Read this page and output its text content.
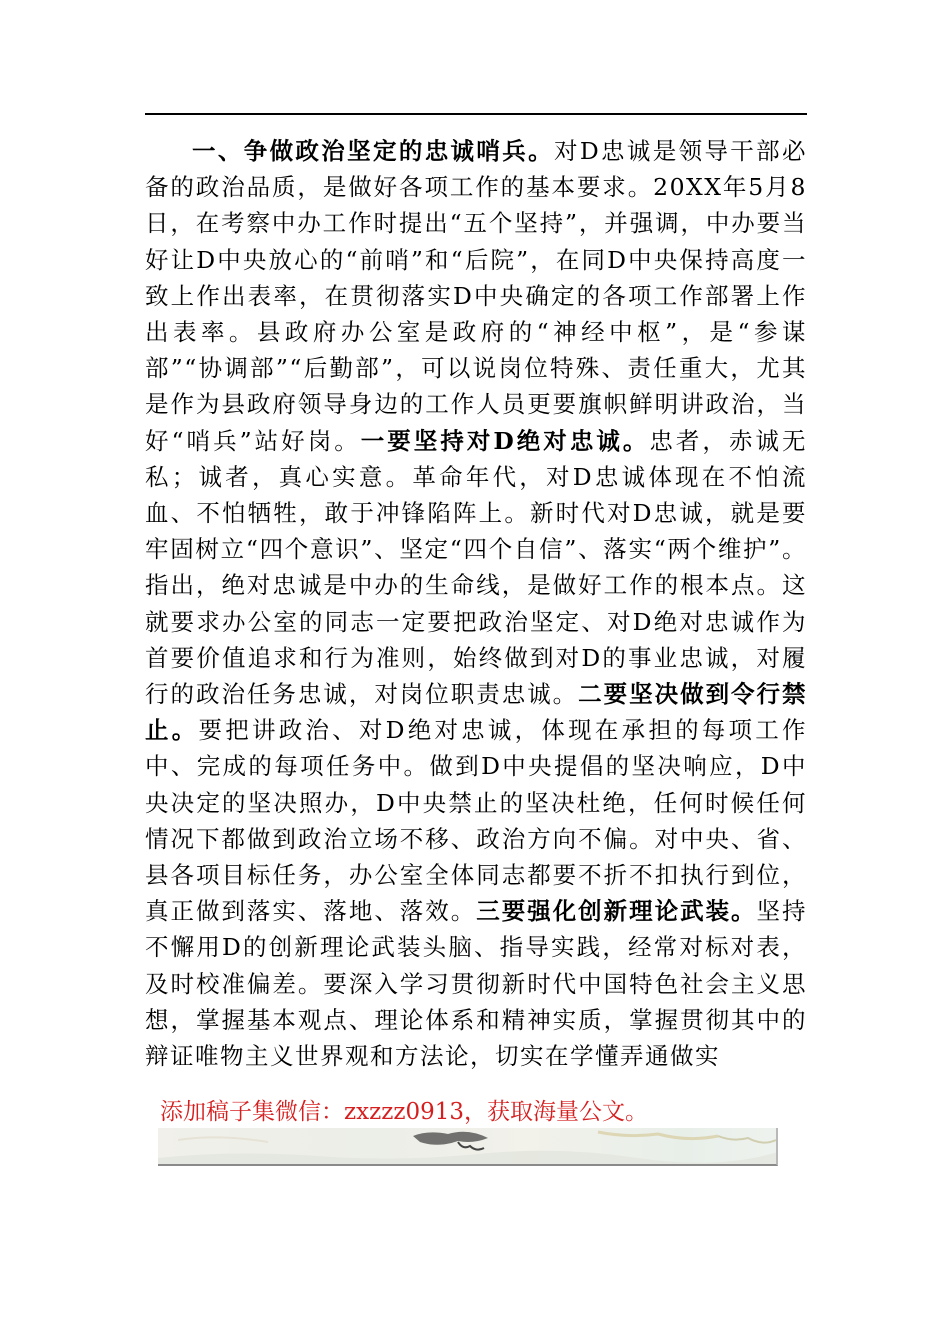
一、争做政治坚定的忠诚哨兵。对D忠诚是领导干部必备的政治品质，是做好各项工作的基本要求。20XX年5月8日，在考察中办工作时提出“五个坚持”，并强调，中办要当好让D中央放心的“前哨”和“后院”，在同D中央保持高度一致上作出表率，在贯彻落实D中央确定的各项工作部署上作出表率。县政府办公室是政府的“神经中枢”，是“参谋部”“协调部”“后勤部”，可以说岗位特殊、责任重大，尤其是作为县政府领导身边的工作人员更要旗帜鲜明讲政治，当好“哨兵”站好岗。一要坚持对D绝对忠诚。忠者，赤诚无私；诚者，真心实意。革命年代，对D忠诚体现在不怕流血、不怕牺牲，敢于冲锋陷阵上。新时代对D忠诚，就是要牢固树立“四个意识”、坚定“四个自信”、落实“两个维护”。指出，绝对忠诚是中办的生命线，是做好工作的根本点。这就要求办公室的同志一定要把政治坚定、对D绝对忠诚作为首要价值追求和行为准则，始终做到对D的事业忠诚，对履行的政治任务忠诚，对岗位职责忠诚。二要坚决做到令行禁止。要把讲政治、对D绝对忠诚，体现在承担的每项工作中、完成的每项任务中。做到D中央提倡的坚决响应，D中央决定的坚决照办，D中央禁止的坚决杜绝，任何时候任何情况下都做到政治立场不移、政治方向不偏。对中央、省、县各项目标任务，办公室全体同志都要不折不扣执行到位，真正做到落实、落地、落效。三要强化创新理论武装。坚持不懈用D的创新理论武装头脑、指导实践，经常对标对表，及时校准偏差。要深入学习贯彻新时代中国特色社会主义思想，掌握基本观点、理论体系和精神实质，掌握贯彻其中的辩证唯物主义世界观和方法论，切实在学懂弄通做实

添加稿子集微信：zxzzz0913，获取海量公文。
